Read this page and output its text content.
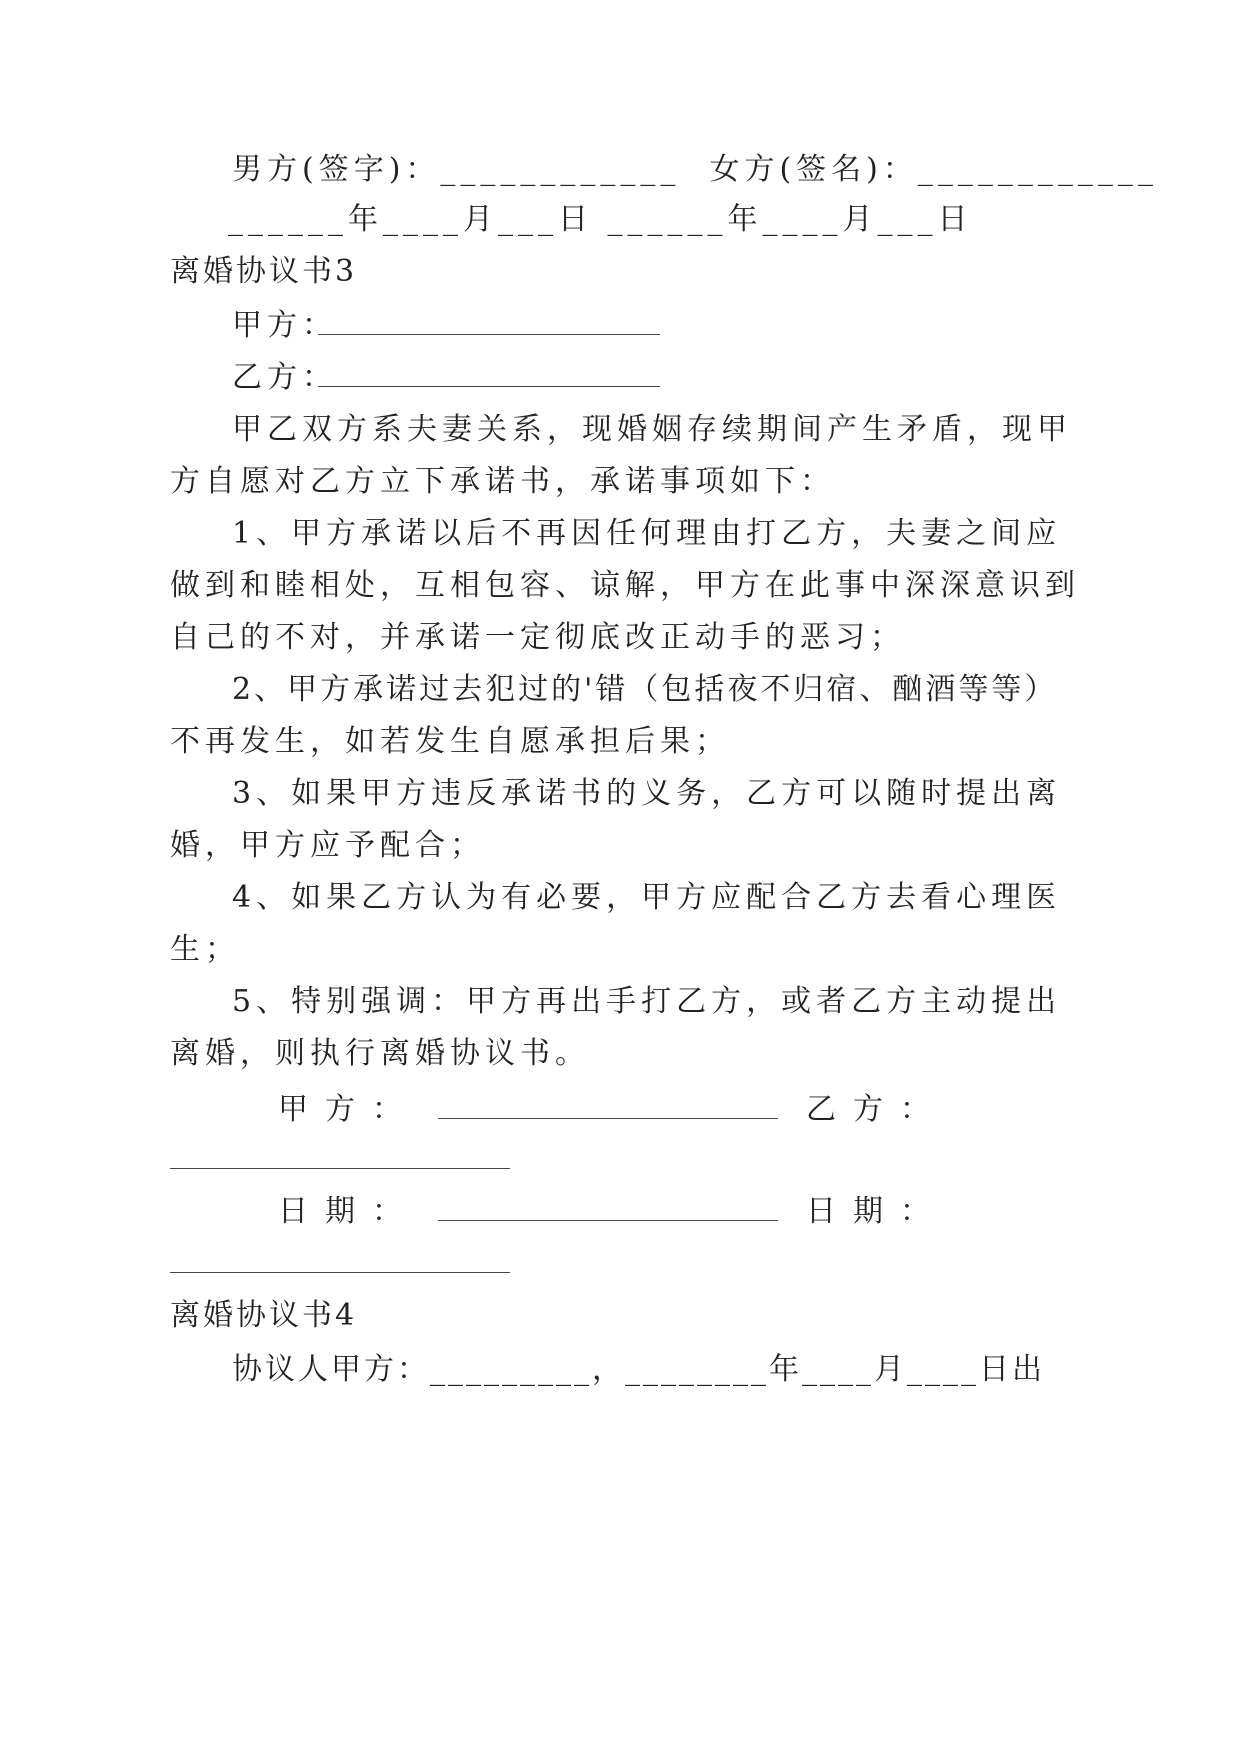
男方(签字)：____________  女方(签名)：____________
______年____月___日 ______年____月___日
离婚协议书3
甲方：
乙方：
甲乙双方系夫妻关系，现婚姻存续期间产生矛盾，现甲
方自愿对乙方立下承诺书，承诺事项如下：
1、甲方承诺以后不再因任何理由打乙方，夫妻之间应
做到和睦相处，互相包容、谅解，甲方在此事中深深意识到
自己的不对，并承诺一定彻底改正动手的恶习；
2、甲方承诺过去犯过的'错（包括夜不归宿、酗酒等等）
不再发生，如若发生自愿承担后果；
3、如果甲方违反承诺书的义务，乙方可以随时提出离
婚，甲方应予配合；
4、如果乙方认为有必要，甲方应配合乙方去看心理医
生；
5、特别强调：甲方再出手打乙方，或者乙方主动提出
离婚，则执行离婚协议书。
甲方：	乙方：
日期：	日期：
离婚协议书4
协议人甲方：_________，________年____月____日出
